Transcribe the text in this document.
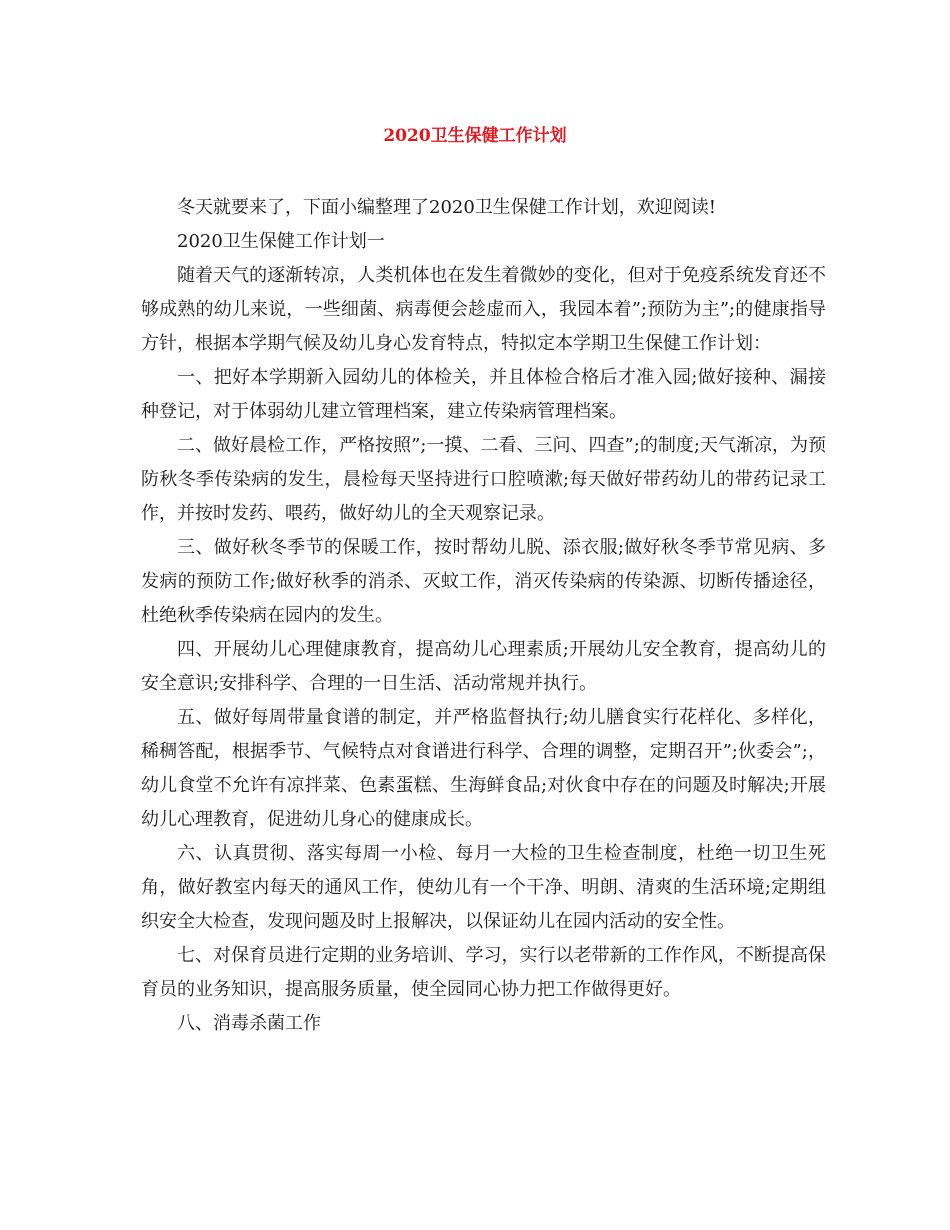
2020卫生保健工作计划

冬天就要来了，下面小编整理了2020卫生保健工作计划，欢迎阅读!

2020卫生保健工作计划一

随着天气的逐渐转凉，人类机体也在发生着微妙的变化，但对于免疫系统发育还不够成熟的幼儿来说，一些细菌、病毒便会趁虚而入，我园本着”;预防为主”;的健康指导方针，根据本学期气候及幼儿身心发育特点，特拟定本学期卫生保健工作计划：

一、把好本学期新入园幼儿的体检关，并且体检合格后才准入园;做好接种、漏接种登记，对于体弱幼儿建立管理档案，建立传染病管理档案。

二、做好晨检工作，严格按照”;一摸、二看、三问、四查”;的制度;天气渐凉，为预防秋冬季传染病的发生，晨检每天坚持进行口腔喷漱;每天做好带药幼儿的带药记录工作，并按时发药、喂药，做好幼儿的全天观察记录。

三、做好秋冬季节的保暖工作，按时帮幼儿脱、添衣服;做好秋冬季节常见病、多发病的预防工作;做好秋季的消杀、灭蚊工作，消灭传染病的传染源、切断传播途径，杜绝秋季传染病在园内的发生。

四、开展幼儿心理健康教育，提高幼儿心理素质;开展幼儿安全教育，提高幼儿的安全意识;安排科学、合理的一日生活、活动常规并执行。

五、做好每周带量食谱的制定，并严格监督执行;幼儿膳食实行花样化、多样化，稀稠答配，根据季节、气候特点对食谱进行科学、合理的调整，定期召开”;伙委会”;，幼儿食堂不允许有凉拌菜、色素蛋糕、生海鲜食品;对伙食中存在的问题及时解决;开展幼儿心理教育，促进幼儿身心的健康成长。

六、认真贯彻、落实每周一小检、每月一大检的卫生检查制度，杜绝一切卫生死角，做好教室内每天的通风工作，使幼儿有一个干净、明朗、清爽的生活环境;定期组织安全大检查，发现问题及时上报解决，以保证幼儿在园内活动的安全性。

七、对保育员进行定期的业务培训、学习，实行以老带新的工作作风，不断提高保育员的业务知识，提高服务质量，使全园同心协力把工作做得更好。

八、消毒杀菌工作
